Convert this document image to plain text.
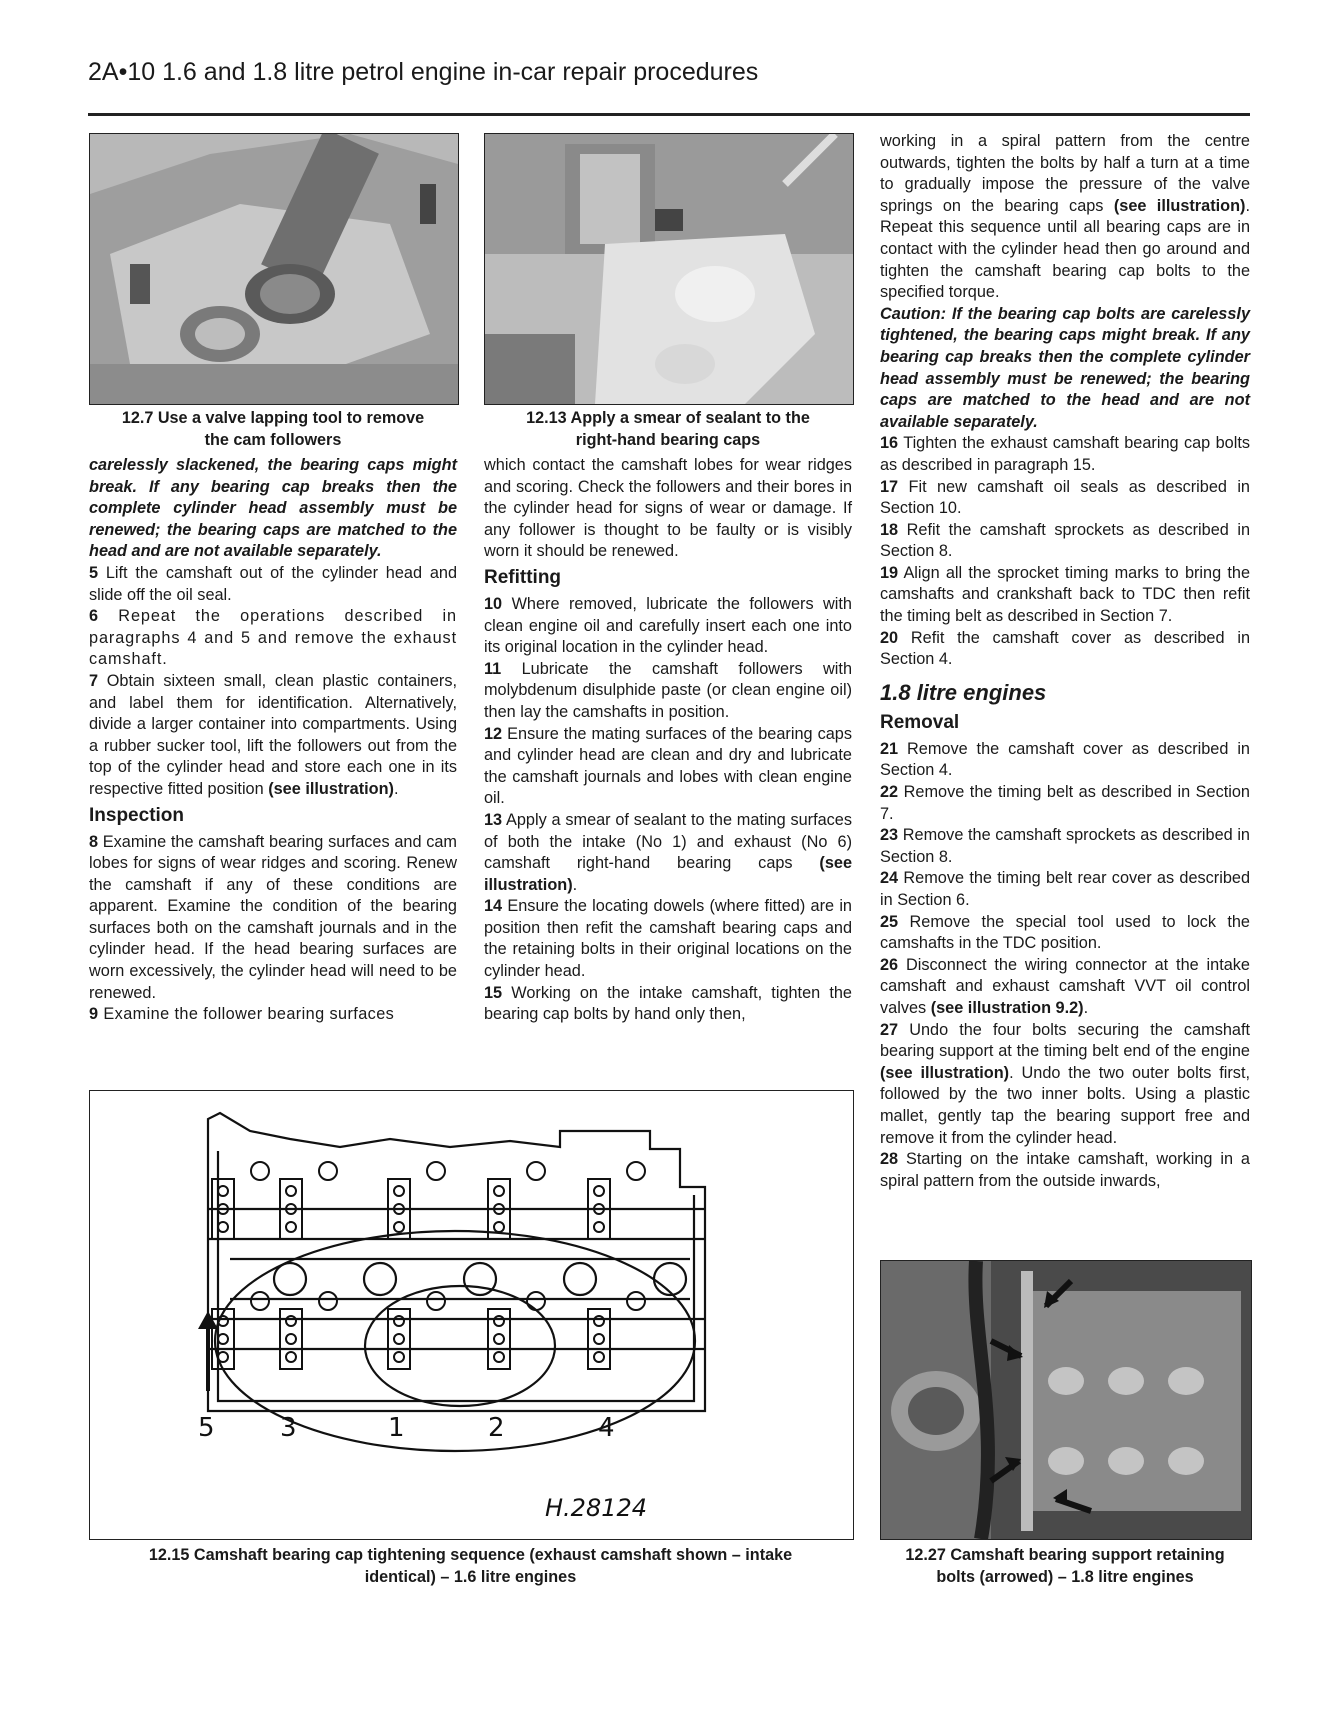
2A•10 1.6 and 1.8 litre petrol engine in-car repair procedures
12.7 Use a valve lapping tool to remove
the cam followers
12.13 Apply a smear of sealant to the
right-hand bearing caps

carelessly slackened, the bearing caps might break. If any bearing cap breaks then the complete cylinder head assembly must be renewed; the bearing caps are matched to the head and are not available separately.

5 Lift the camshaft out of the cylinder head and slide off the oil seal.

6 Repeat the operations described in paragraphs 4 and 5 and remove the exhaust camshaft.

7 Obtain sixteen small, clean plastic containers, and label them for identification. Alternatively, divide a larger container into compartments. Using a rubber sucker tool, lift the followers out from the top of the cylinder head and store each one in its respective fitted position (see illustration).

Inspection

8 Examine the camshaft bearing surfaces and cam lobes for signs of wear ridges and scoring. Renew the camshaft if any of these conditions are apparent. Examine the condition of the bearing surfaces both on the camshaft journals and in the cylinder head. If the head bearing surfaces are worn excessively, the cylinder head will need to be renewed.

9 Examine the follower bearing surfaces

which contact the camshaft lobes for wear ridges and scoring. Check the followers and their bores in the cylinder head for signs of wear or damage. If any follower is thought to be faulty or is visibly worn it should be renewed.

Refitting

10 Where removed, lubricate the followers with clean engine oil and carefully insert each one into its original location in the cylinder head.

11 Lubricate the camshaft followers with molybdenum disulphide paste (or clean engine oil) then lay the camshafts in position.

12 Ensure the mating surfaces of the bearing caps and cylinder head are clean and dry and lubricate the camshaft journals and lobes with clean engine oil.

13 Apply a smear of sealant to the mating surfaces of both the intake (No 1) and exhaust (No 6) camshaft right-hand bearing caps (see illustration).

14 Ensure the locating dowels (where fitted) are in position then refit the camshaft bearing caps and the retaining bolts in their original locations on the cylinder head.

15 Working on the intake camshaft, tighten the bearing cap bolts by hand only then,

working in a spiral pattern from the centre outwards, tighten the bolts by half a turn at a time to gradually impose the pressure of the valve springs on the bearing caps (see illustration). Repeat this sequence until all bearing caps are in contact with the cylinder head then go around and tighten the camshaft bearing cap bolts to the specified torque.

Caution: If the bearing cap bolts are carelessly tightened, the bearing caps might break. If any bearing cap breaks then the complete cylinder head assembly must be renewed; the bearing caps are matched to the head and are not available separately.

16 Tighten the exhaust camshaft bearing cap bolts as described in paragraph 15.

17 Fit new camshaft oil seals as described in Section 10.

18 Refit the camshaft sprockets as described in Section 8.

19 Align all the sprocket timing marks to bring the camshafts and crankshaft back to TDC then refit the timing belt as described in Section 7.

20 Refit the camshaft cover as described in Section 4.

1.8 litre engines
Removal

21 Remove the camshaft cover as described in Section 4.

22 Remove the timing belt as described in Section 7.

23 Remove the camshaft sprockets as described in Section 8.

24 Remove the timing belt rear cover as described in Section 6.

25 Remove the special tool used to lock the camshafts in the TDC position.

26 Disconnect the wiring connector at the intake camshaft and exhaust camshaft VVT oil control valves (see illustration 9.2).

27 Undo the four bolts securing the camshaft bearing support at the timing belt end of the engine (see illustration). Undo the two outer bolts first, followed by the two inner bolts. Using a plastic mallet, gently tap the bearing support free and remove it from the cylinder head.

28 Starting on the intake camshaft, working in a spiral pattern from the outside inwards,

5	3	1	2	4
H.28124
12.15 Camshaft bearing cap tightening sequence (exhaust camshaft shown – intake
identical) – 1.6 litre engines
12.27 Camshaft bearing support retaining
bolts (arrowed) – 1.8 litre engines
